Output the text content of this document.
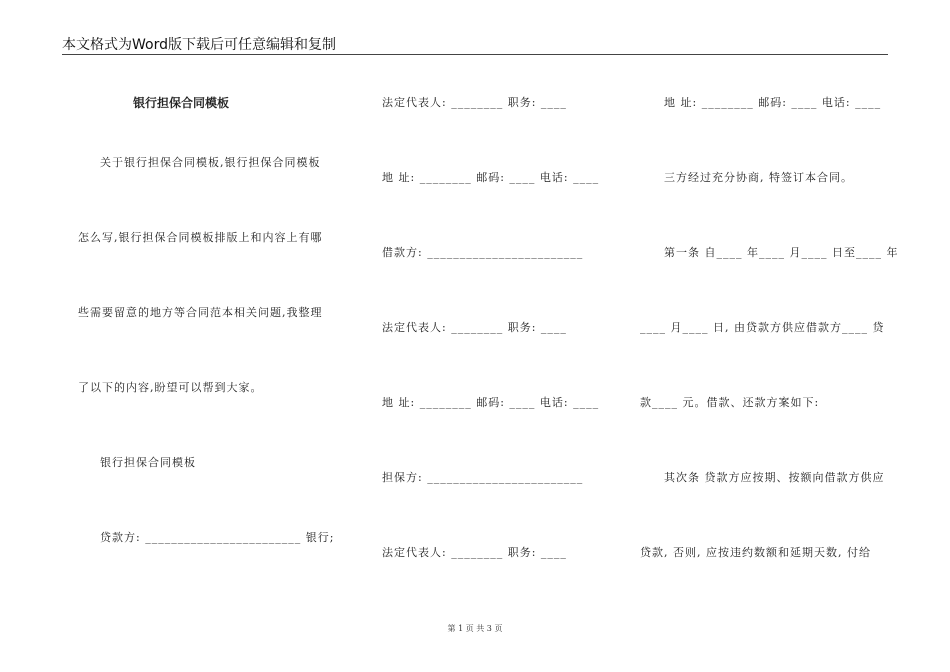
本文格式为Word版下载后可任意编辑和复制
银行担保合同模板
关于银行担保合同模板,银行担保合同模板
怎么写,银行担保合同模板排版上和内容上有哪
些需要留意的地方等合同范本相关问题,我整理
了以下的内容,盼望可以帮到大家。
银行担保合同模板
贷款方: ________________________ 银行;
法定代表人: ________ 职务: ____
地 址: ________ 邮码: ____ 电话: ____
借款方: ________________________
法定代表人: ________ 职务: ____
地 址: ________ 邮码: ____ 电话: ____
担保方: ________________________
法定代表人: ________ 职务: ____
地 址: ________ 邮码: ____ 电话: ____
三方经过充分协商, 特签订本合同。
第一条 自____ 年____ 月____ 日至____ 年
____ 月____ 日, 由贷款方供应借款方____ 贷
款____ 元。借款、还款方案如下:
其次条 贷款方应按期、按额向借款方供应
贷款, 否则, 应按违约数额和延期天数, 付给
第 1 页 共 3 页
